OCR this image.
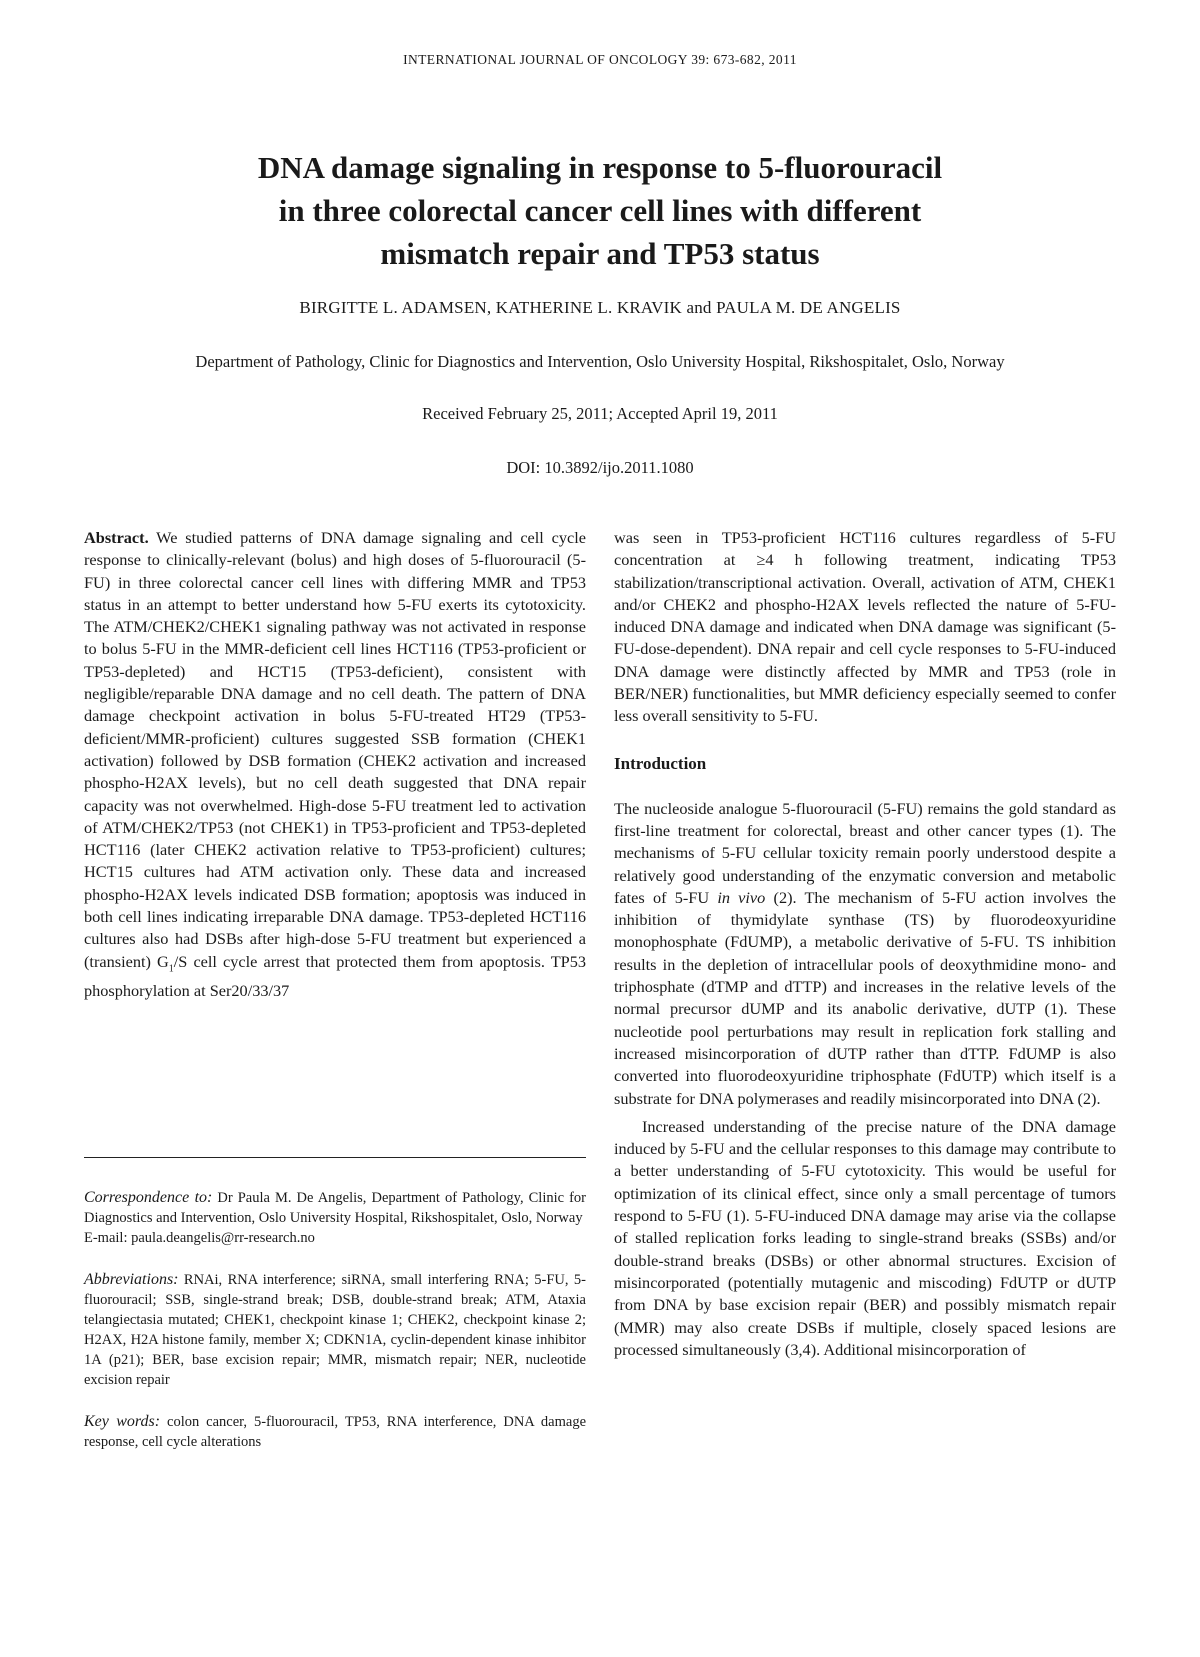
INTERNATIONAL JOURNAL OF ONCOLOGY 39: 673-682, 2011
DNA damage signaling in response to 5-fluorouracil
in three colorectal cancer cell lines with different
mismatch repair and TP53 status
BIRGITTE L. ADAMSEN, KATHERINE L. KRAVIK and PAULA M. DE ANGELIS
Department of Pathology, Clinic for Diagnostics and Intervention, Oslo University Hospital, Rikshospitalet, Oslo, Norway
Received February 25, 2011; Accepted April 19, 2011
DOI: 10.3892/ijo.2011.1080

Abstract. We studied patterns of DNA damage signaling and cell cycle response to clinically-relevant (bolus) and high doses of 5-fluorouracil (5-FU) in three colorectal cancer cell lines with differing MMR and TP53 status in an attempt to better understand how 5-FU exerts its cytotoxicity. The ATM/CHEK2/CHEK1 signaling pathway was not activated in response to bolus 5-FU in the MMR-deficient cell lines HCT116 (TP53-proficient or TP53-depleted) and HCT15 (TP53-deficient), consistent with negligible/reparable DNA damage and no cell death. The pattern of DNA damage checkpoint activation in bolus 5-FU-treated HT29 (TP53-deficient/MMR-proficient) cultures suggested SSB formation (CHEK1 activation) followed by DSB formation (CHEK2 activation and increased phospho-H2AX levels), but no cell death suggested that DNA repair capacity was not overwhelmed. High-dose 5-FU treatment led to activation of ATM/CHEK2/TP53 (not CHEK1) in TP53-proficient and TP53-depleted HCT116 (later CHEK2 activation relative to TP53-proficient) cultures; HCT15 cultures had ATM activation only. These data and increased phospho-H2AX levels indicated DSB formation; apoptosis was induced in both cell lines indicating irreparable DNA damage. TP53-depleted HCT116 cultures also had DSBs after high-dose 5-FU treatment but experienced a (transient) $G_1/S$ cell cycle arrest that protected them from apoptosis. TP53 phosphorylation at Ser20/33/37

Correspondence to: Dr Paula M. De Angelis, Department of Pathology, Clinic for Diagnostics and Intervention, Oslo University Hospital, Rikshospitalet, Oslo, Norway
E-mail: paula.deangelis@rr-research.no

Abbreviations: RNAi, RNA interference; siRNA, small interfering RNA; 5-FU, 5-fluorouracil; SSB, single-strand break; DSB, double-strand break; ATM, Ataxia telangiectasia mutated; CHEK1, checkpoint kinase 1; CHEK2, checkpoint kinase 2; H2AX, H2A histone family, member X; CDKN1A, cyclin-dependent kinase inhibitor 1A (p21); BER, base excision repair; MMR, mismatch repair; NER, nucleotide excision repair

Key words: colon cancer, 5-fluorouracil, TP53, RNA interference, DNA damage response, cell cycle alterations

was seen in TP53-proficient HCT116 cultures regardless of 5-FU concentration at ≥4 h following treatment, indicating TP53 stabilization/transcriptional activation. Overall, activation of ATM, CHEK1 and/or CHEK2 and phospho-H2AX levels reflected the nature of 5-FU-induced DNA damage and indicated when DNA damage was significant (5-FU-dose-dependent). DNA repair and cell cycle responses to 5-FU-induced DNA damage were distinctly affected by MMR and TP53 (role in BER/NER) functionalities, but MMR deficiency especially seemed to confer less overall sensitivity to 5-FU.

Introduction

The nucleoside analogue 5-fluorouracil (5-FU) remains the gold standard as first-line treatment for colorectal, breast and other cancer types (1). The mechanisms of 5-FU cellular toxicity remain poorly understood despite a relatively good understanding of the enzymatic conversion and metabolic fates of 5-FU in vivo (2). The mechanism of 5-FU action involves the inhibition of thymidylate synthase (TS) by fluorodeoxyuridine monophosphate (FdUMP), a metabolic derivative of 5-FU. TS inhibition results in the depletion of intracellular pools of deoxythmidine mono- and triphosphate (dTMP and dTTP) and increases in the relative levels of the normal precursor dUMP and its anabolic derivative, dUTP (1). These nucleotide pool perturbations may result in replication fork stalling and increased misincorporation of dUTP rather than dTTP. FdUMP is also converted into fluorodeoxyuridine triphosphate (FdUTP) which itself is a substrate for DNA polymerases and readily misincorporated into DNA (2).

Increased understanding of the precise nature of the DNA damage induced by 5-FU and the cellular responses to this damage may contribute to a better understanding of 5-FU cytotoxicity. This would be useful for optimization of its clinical effect, since only a small percentage of tumors respond to 5-FU (1). 5-FU-induced DNA damage may arise via the collapse of stalled replication forks leading to single-strand breaks (SSBs) and/or double-strand breaks (DSBs) or other abnormal structures. Excision of misincorporated (potentially mutagenic and miscoding) FdUTP or dUTP from DNA by base excision repair (BER) and possibly mismatch repair (MMR) may also create DSBs if multiple, closely spaced lesions are processed simultaneously (3,4). Additional misincorporation of
